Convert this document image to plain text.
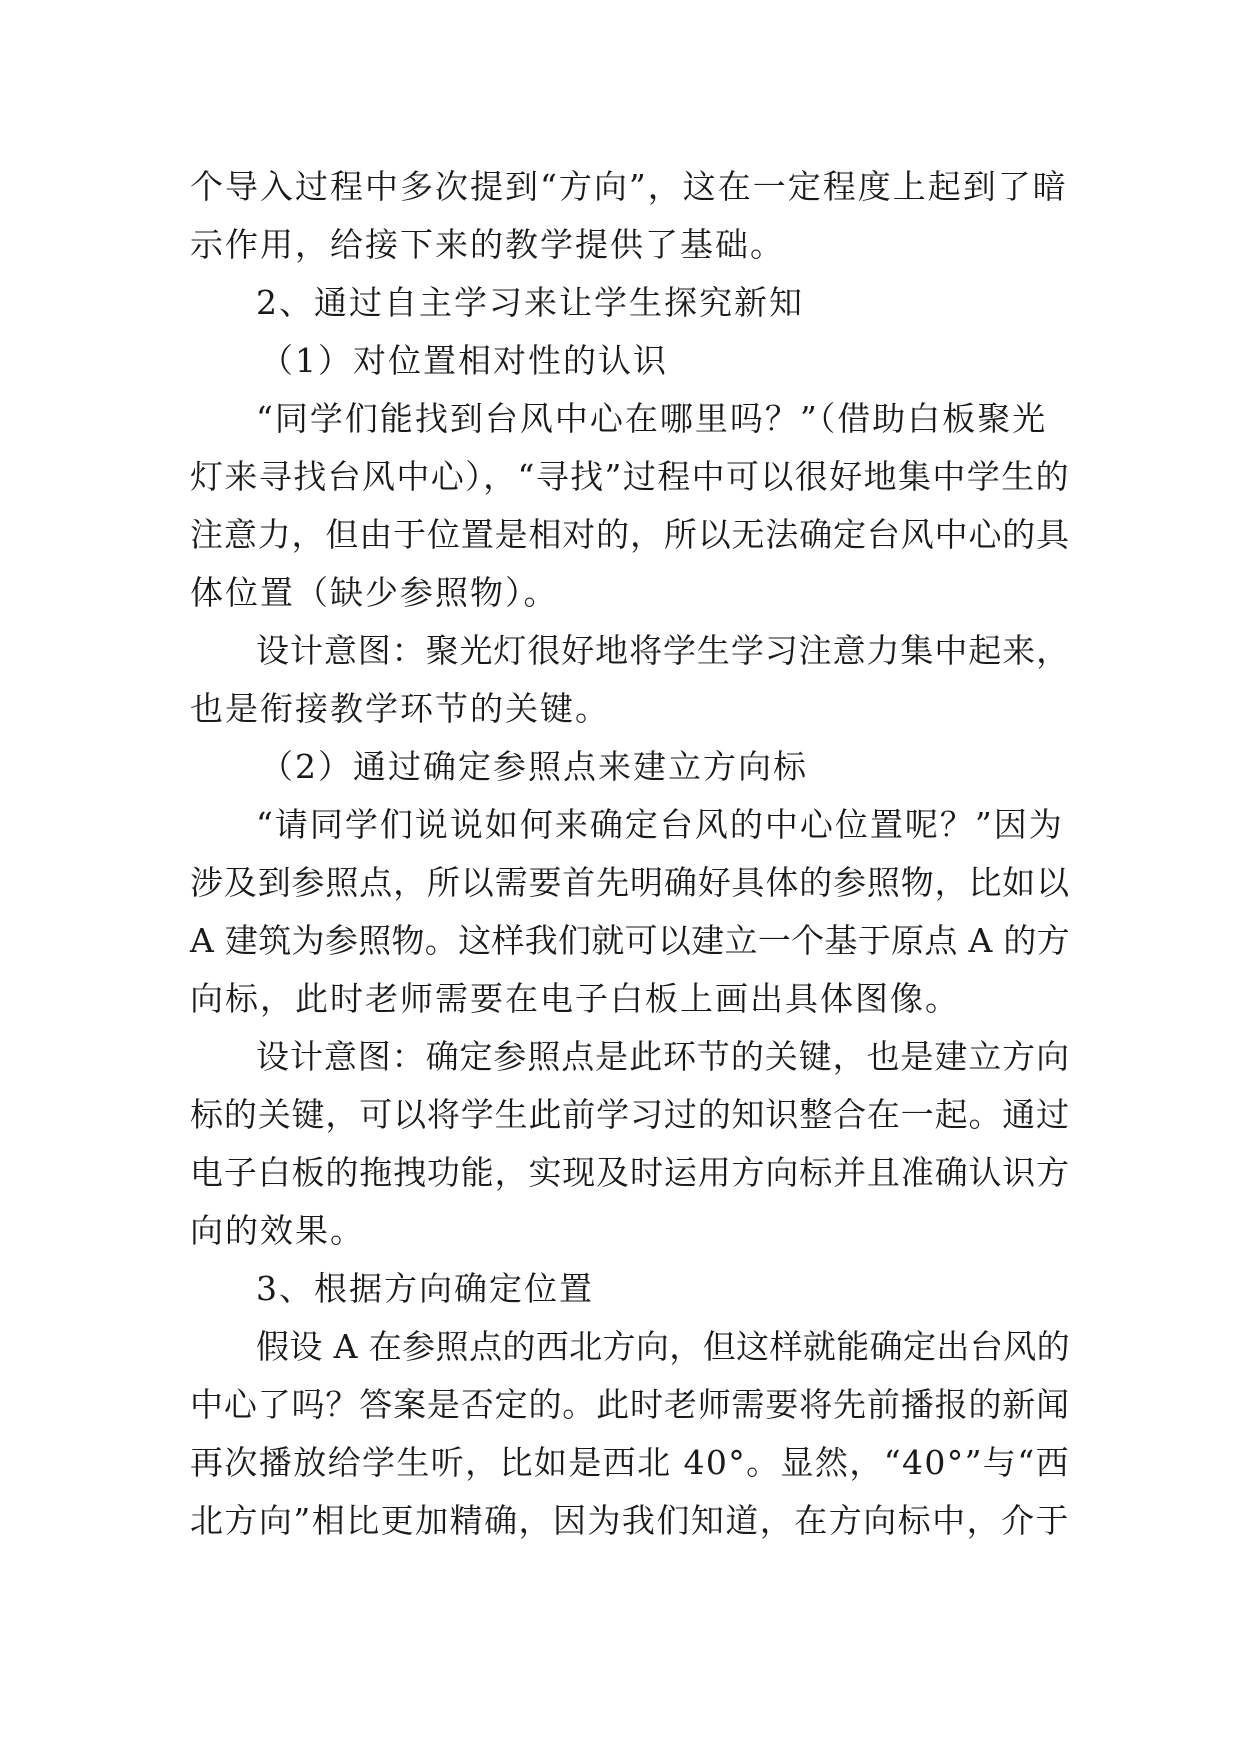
个导入过程中多次提到“方向”，这在一定程度上起到了暗
示作用，给接下来的教学提供了基础。
2、通过自主学习来让学生探究新知
（1）对位置相对性的认识
“同学们能找到台风中心在哪里吗？”（借助白板聚光
灯来寻找台风中心），“寻找”过程中可以很好地集中学生的
注意力，但由于位置是相对的，所以无法确定台风中心的具
体位置（缺少参照物）。
设计意图：聚光灯很好地将学生学习注意力集中起来，
也是衔接教学环节的关键。
（2）通过确定参照点来建立方向标
“请同学们说说如何来确定台风的中心位置呢？”因为
涉及到参照点，所以需要首先明确好具体的参照物，比如以
A 建筑为参照物。这样我们就可以建立一个基于原点 A 的方
向标，此时老师需要在电子白板上画出具体图像。
设计意图：确定参照点是此环节的关键，也是建立方向
标的关键，可以将学生此前学习过的知识整合在一起。通过
电子白板的拖拽功能，实现及时运用方向标并且准确认识方
向的效果。
3、根据方向确定位置
假设 A 在参照点的西北方向，但这样就能确定出台风的
中心了吗？答案是否定的。此时老师需要将先前播报的新闻
再次播放给学生听，比如是西北 40°。显然，“40°”与“西
北方向”相比更加精确，因为我们知道，在方向标中，介于
